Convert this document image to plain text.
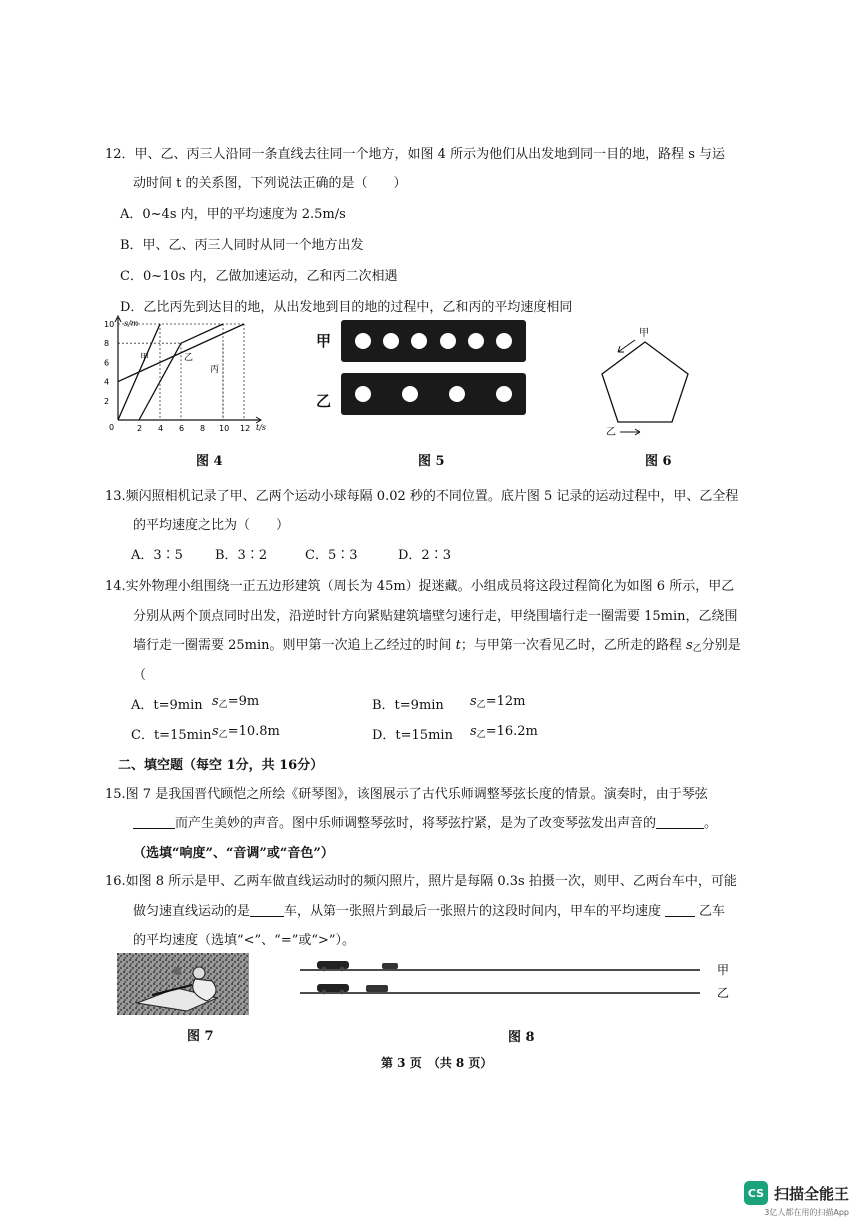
12．甲、乙、丙三人沿同一条直线去往同一个地方，如图 4 所示为他们从出发地到同一目的地，路程 s 与运
动时间 t 的关系图，下列说法正确的是（　　）
A．0~4s 内，甲的平均速度为 2.5m/s
B．甲、乙、丙三人同时从同一个地方出发
C．0~10s 内，乙做加速运动，乙和丙二次相遇
D．乙比丙先到达目的地，从出发地到目的地的过程中，乙和丙的平均速度相同
10
8
6
4
2
2 4 6 8 10 12
s/m
t/s
0
甲	乙
丙
图 4
甲
乙
图 5
甲
乙
图 6
13.频闪照相机记录了甲、乙两个运动小球每隔 0.02 秒的不同位置。底片图 5 记录的运动过程中，甲、乙全程
的平均速度之比为（　　）
A．3∶5 B．3∶2	C．5∶3	D．2∶3
14.实外物理小组围绕一正五边形建筑（周长为 45m）捉迷藏。小组成员将这段过程简化为如图 6 所示，甲乙
分别从两个顶点同时出发，沿逆时针方向紧贴建筑墙壁匀速行走，甲绕围墙行走一圈需要 15min，乙绕围
墙行走一圈需要 25min。则甲第一次追上乙经过的时间 t；与甲第一次看见乙时，乙所走的路程 $s_乙$分别是
（
A．t=9min $s_乙=9m$	B．t=9min $s_乙=12m$
C．t=15min $s_乙=10.8m$	D．t=15min $s_乙=16.2m$
二、填空题（每空 1分，共 16分）
15.图 7 是我国晋代顾恺之所绘《研琴图》，该图展示了古代乐师调整琴弦长度的情景。演奏时，由于琴弦
而产生美妙的声音。图中乐师调整琴弦时，将琴弦拧紧，是为了改变琴弦发出声音的	。
（选填“响度”、“音调”或“音色”）
16.如图 8 所示是甲、乙两车做直线运动时的频闪照片，照片是每隔 0.3s 拍摄一次，则甲、乙两台车中，可能
做匀速直线运动的是	车，从第一张照片到最后一张照片的这段时间内，甲车的平均速度	乙车
的平均速度（选填“<”、“=”或“>”）。
图 7
甲
乙
图 8
第 3 页　（共 8 页）
CS 扫描全能王
3亿人都在用的扫描App
